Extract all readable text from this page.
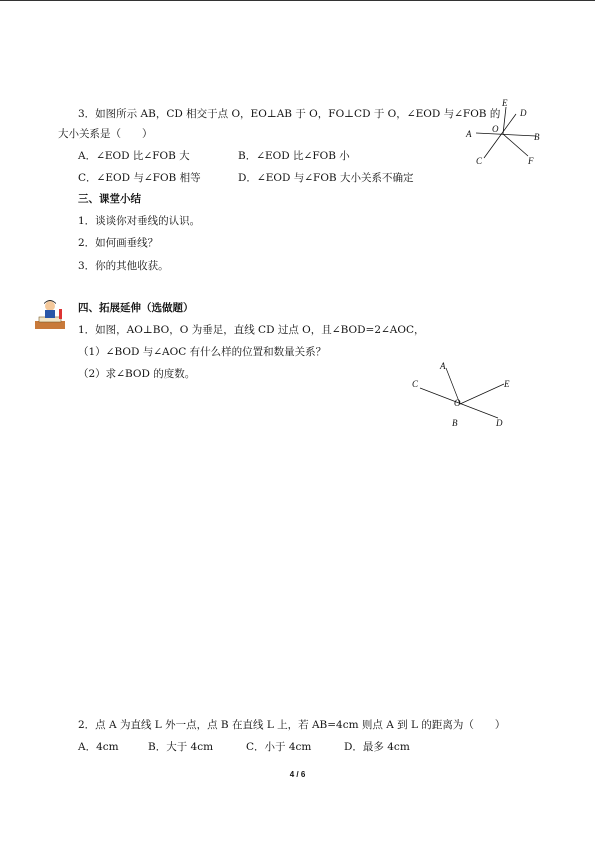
3．如图所示 AB，CD 相交于点 O，EO⊥AB 于 O，FO⊥CD 于 O，∠EOD 与∠FOB 的
大小关系是（　　）
A．∠EOD 比∠FOB 大	B．∠EOD 比∠FOB 小
C．∠EOD 与∠FOB 相等	D．∠EOD 与∠FOB 大小关系不确定
E
D
A O
B
C	F
三、课堂小结
1．谈谈你对垂线的认识。
2．如何画垂线？
3．你的其他收获。
四、拓展延伸（选做题）
1．如图，AO⊥BO，O 为垂足，直线 CD 过点 O，且∠BOD=2∠AOC，
（1）∠BOD 与∠AOC 有什么样的位置和数量关系？
（2）求∠BOD 的度数。
A
C	E
O
D
B
2．点 A 为直线 L 外一点，点 B 在直线 L 上，若 AB=4cm 则点 A 到 L 的距离为（　　）
A．4cm	B．大于 4cm	C．小于 4cm	D．最多 4cm
4 / 6
